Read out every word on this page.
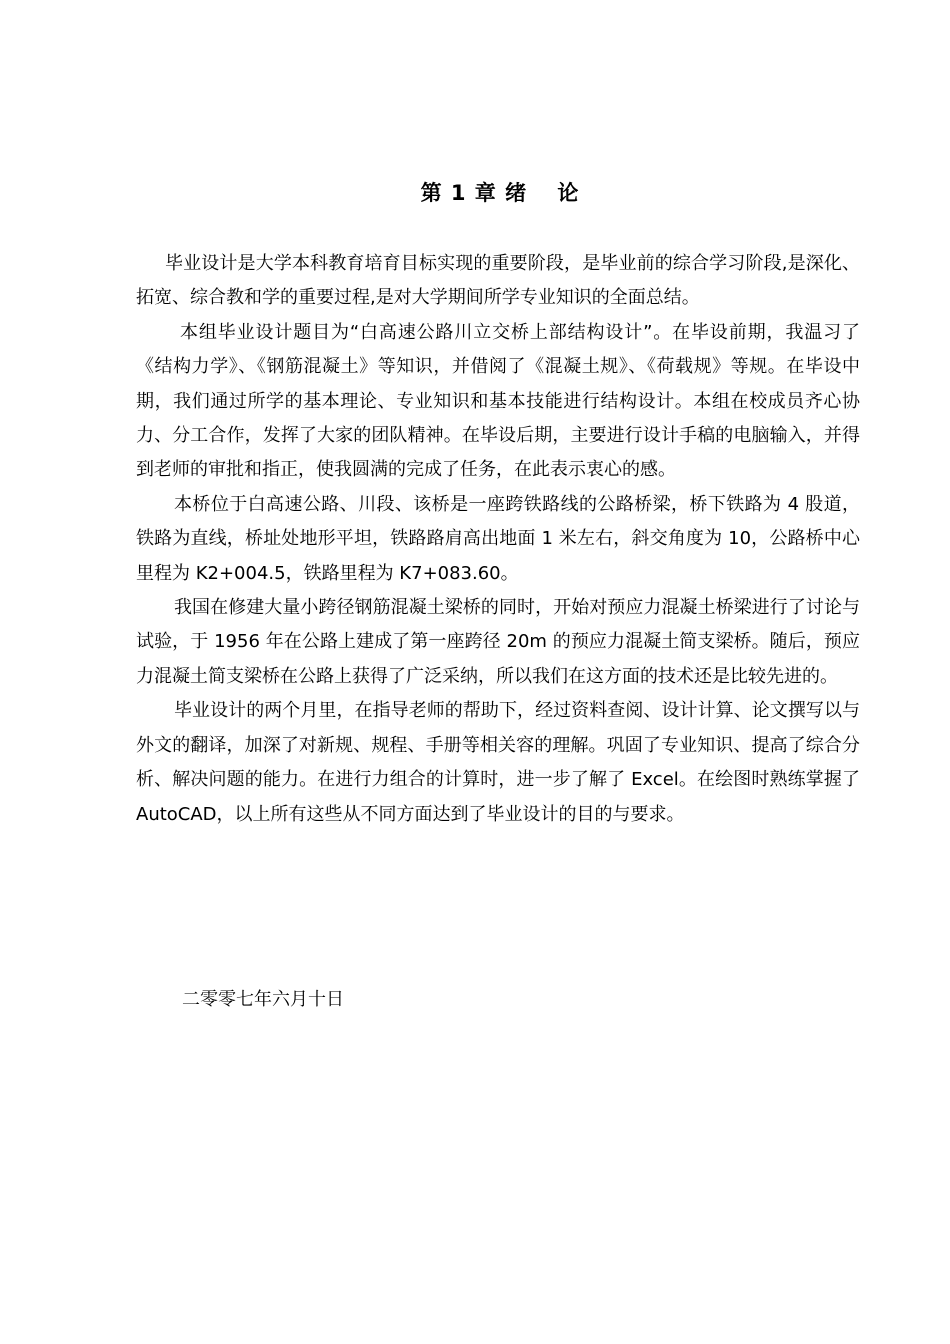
第 1 章 绪　 论

毕业设计是大学本科教育培育目标实现的重要阶段，是毕业前的综合学习阶段,是深化、拓宽、综合教和学的重要过程,是对大学期间所学专业知识的全面总结。

本组毕业设计题目为“白高速公路川立交桥上部结构设计”。在毕设前期，我温习了《结构力学》、《钢筋混凝土》等知识，并借阅了《混凝土规》、《荷载规》等规。在毕设中期，我们通过所学的基本理论、专业知识和基本技能进行结构设计。本组在校成员齐心协力、分工合作，发挥了大家的团队精神。在毕设后期，主要进行设计手稿的电脑输入，并得到老师的审批和指正，使我圆满的完成了任务，在此表示衷心的感。

本桥位于白高速公路、川段、该桥是一座跨铁路线的公路桥梁，桥下铁路为 4 股道，铁路为直线，桥址处地形平坦，铁路路肩高出地面 1 米左右，斜交角度为 10，公路桥中心里程为 K2+004.5，铁路里程为 K7+083.60。

我国在修建大量小跨径钢筋混凝土梁桥的同时，开始对预应力混凝土桥梁进行了讨论与试验，于 1956 年在公路上建成了第一座跨径 20m 的预应力混凝土简支梁桥。随后，预应力混凝土简支梁桥在公路上获得了广泛采纳，所以我们在这方面的技术还是比较先进的。

毕业设计的两个月里，在指导老师的帮助下，经过资料查阅、设计计算、论文撰写以与外文的翻译，加深了对新规、规程、手册等相关容的理解。巩固了专业知识、提高了综合分析、解决问题的能力。在进行力组合的计算时，进一步了解了 Excel。在绘图时熟练掌握了 AutoCAD，以上所有这些从不同方面达到了毕业设计的目的与要求。

二零零七年六月十日
